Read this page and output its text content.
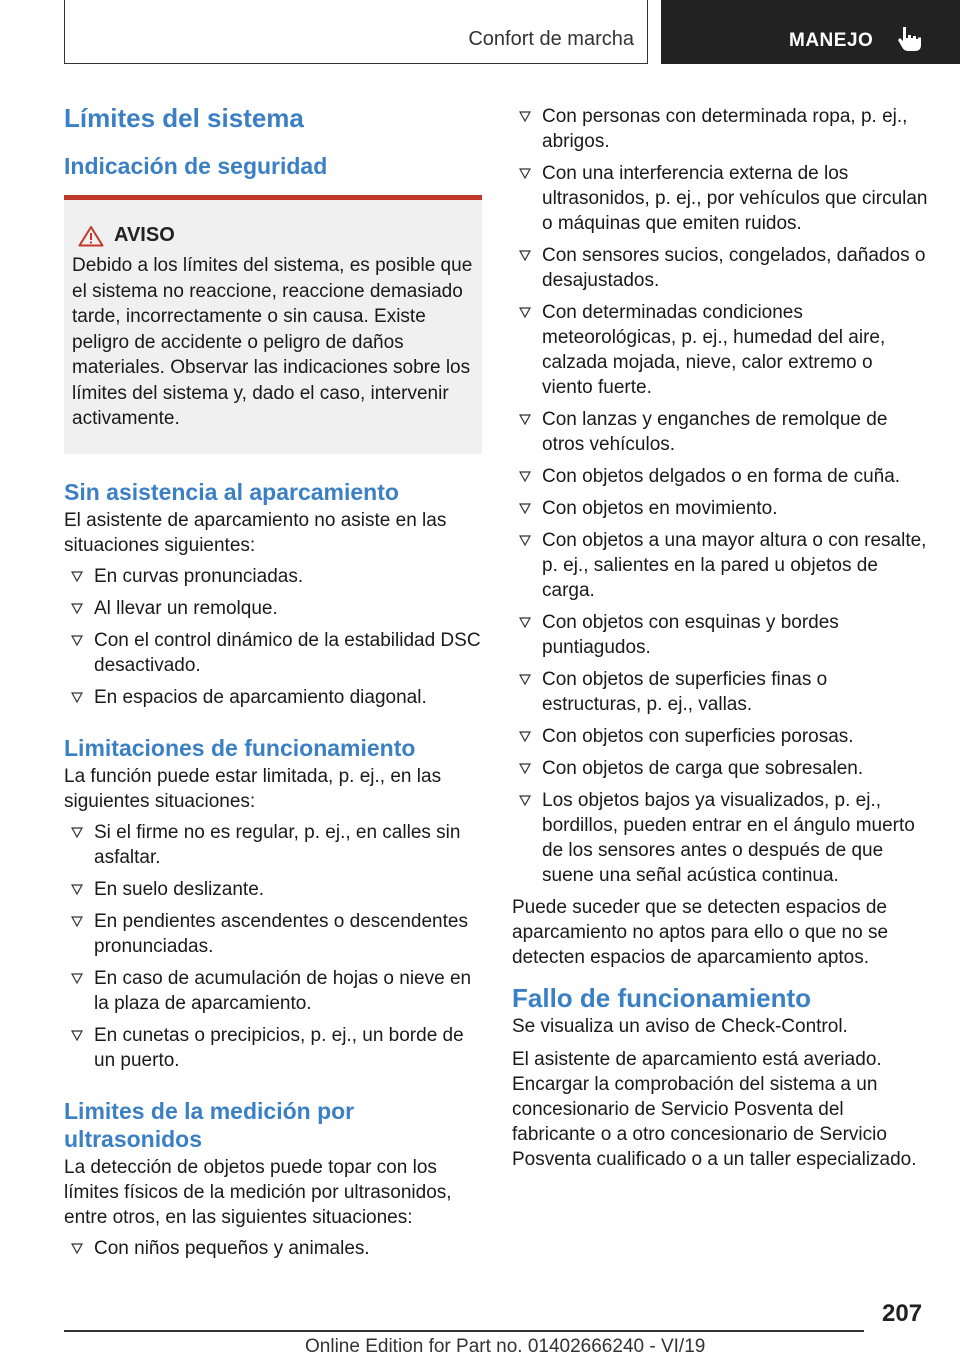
Confort de marcha	MANEJO
Límites del sistema
Indicación de seguridad
AVISO

Debido a los límites del sistema, es posible que el sistema no reaccione, reaccione demasiado tarde, incorrectamente o sin causa. Existe peligro de accidente o peligro de daños materiales. Observar las indicaciones sobre los límites del sistema y, dado el caso, intervenir activamente.

Sin asistencia al aparcamiento

El asistente de aparcamiento no asiste en las situaciones siguientes:

En curvas pronunciadas.
Al llevar un remolque.
Con el control dinámico de la estabilidad DSC desactivado.
En espacios de aparcamiento diagonal.
Limitaciones de funcionamiento

La función puede estar limitada, p. ej., en las siguientes situaciones:

Si el firme no es regular, p. ej., en calles sin asfaltar.
En suelo deslizante.
En pendientes ascendentes o descendentes pronunciadas.
En caso de acumulación de hojas o nieve en la plaza de aparcamiento.
En cunetas o precipicios, p. ej., un borde de un puerto.
Limites de la medición por ultrasonidos

La detección de objetos puede topar con los límites físicos de la medición por ultrasonidos, entre otros, en las siguientes situaciones:

Con niños pequeños y animales.
Con personas con determinada ropa, p. ej., abrigos.
Con una interferencia externa de los ultrasonidos, p. ej., por vehículos que circulan o máquinas que emiten ruidos.
Con sensores sucios, congelados, dañados o desajustados.
Con determinadas condiciones meteorológicas, p. ej., humedad del aire, calzada mojada, nieve, calor extremo o viento fuerte.
Con lanzas y enganches de remolque de otros vehículos.
Con objetos delgados o en forma de cuña.
Con objetos en movimiento.
Con objetos a una mayor altura o con resalte, p. ej., salientes en la pared u objetos de carga.
Con objetos con esquinas y bordes puntiagudos.
Con objetos de superficies finas o estructuras, p. ej., vallas.
Con objetos con superficies porosas.
Con objetos de carga que sobresalen.
Los objetos bajos ya visualizados, p. ej., bordillos, pueden entrar en el ángulo muerto de los sensores antes o después de que suene una señal acústica continua.

Puede suceder que se detecten espacios de aparcamiento no aptos para ello o que no se detecten espacios de aparcamiento aptos.

Fallo de funcionamiento

Se visualiza un aviso de Check-Control.

El asistente de aparcamiento está averiado. Encargar la comprobación del sistema a un concesionario de Servicio Posventa del fabricante o a otro concesionario de Servicio Posventa cualificado o a un taller especializado.

207
Online Edition for Part no. 01402666240 - VI/19
